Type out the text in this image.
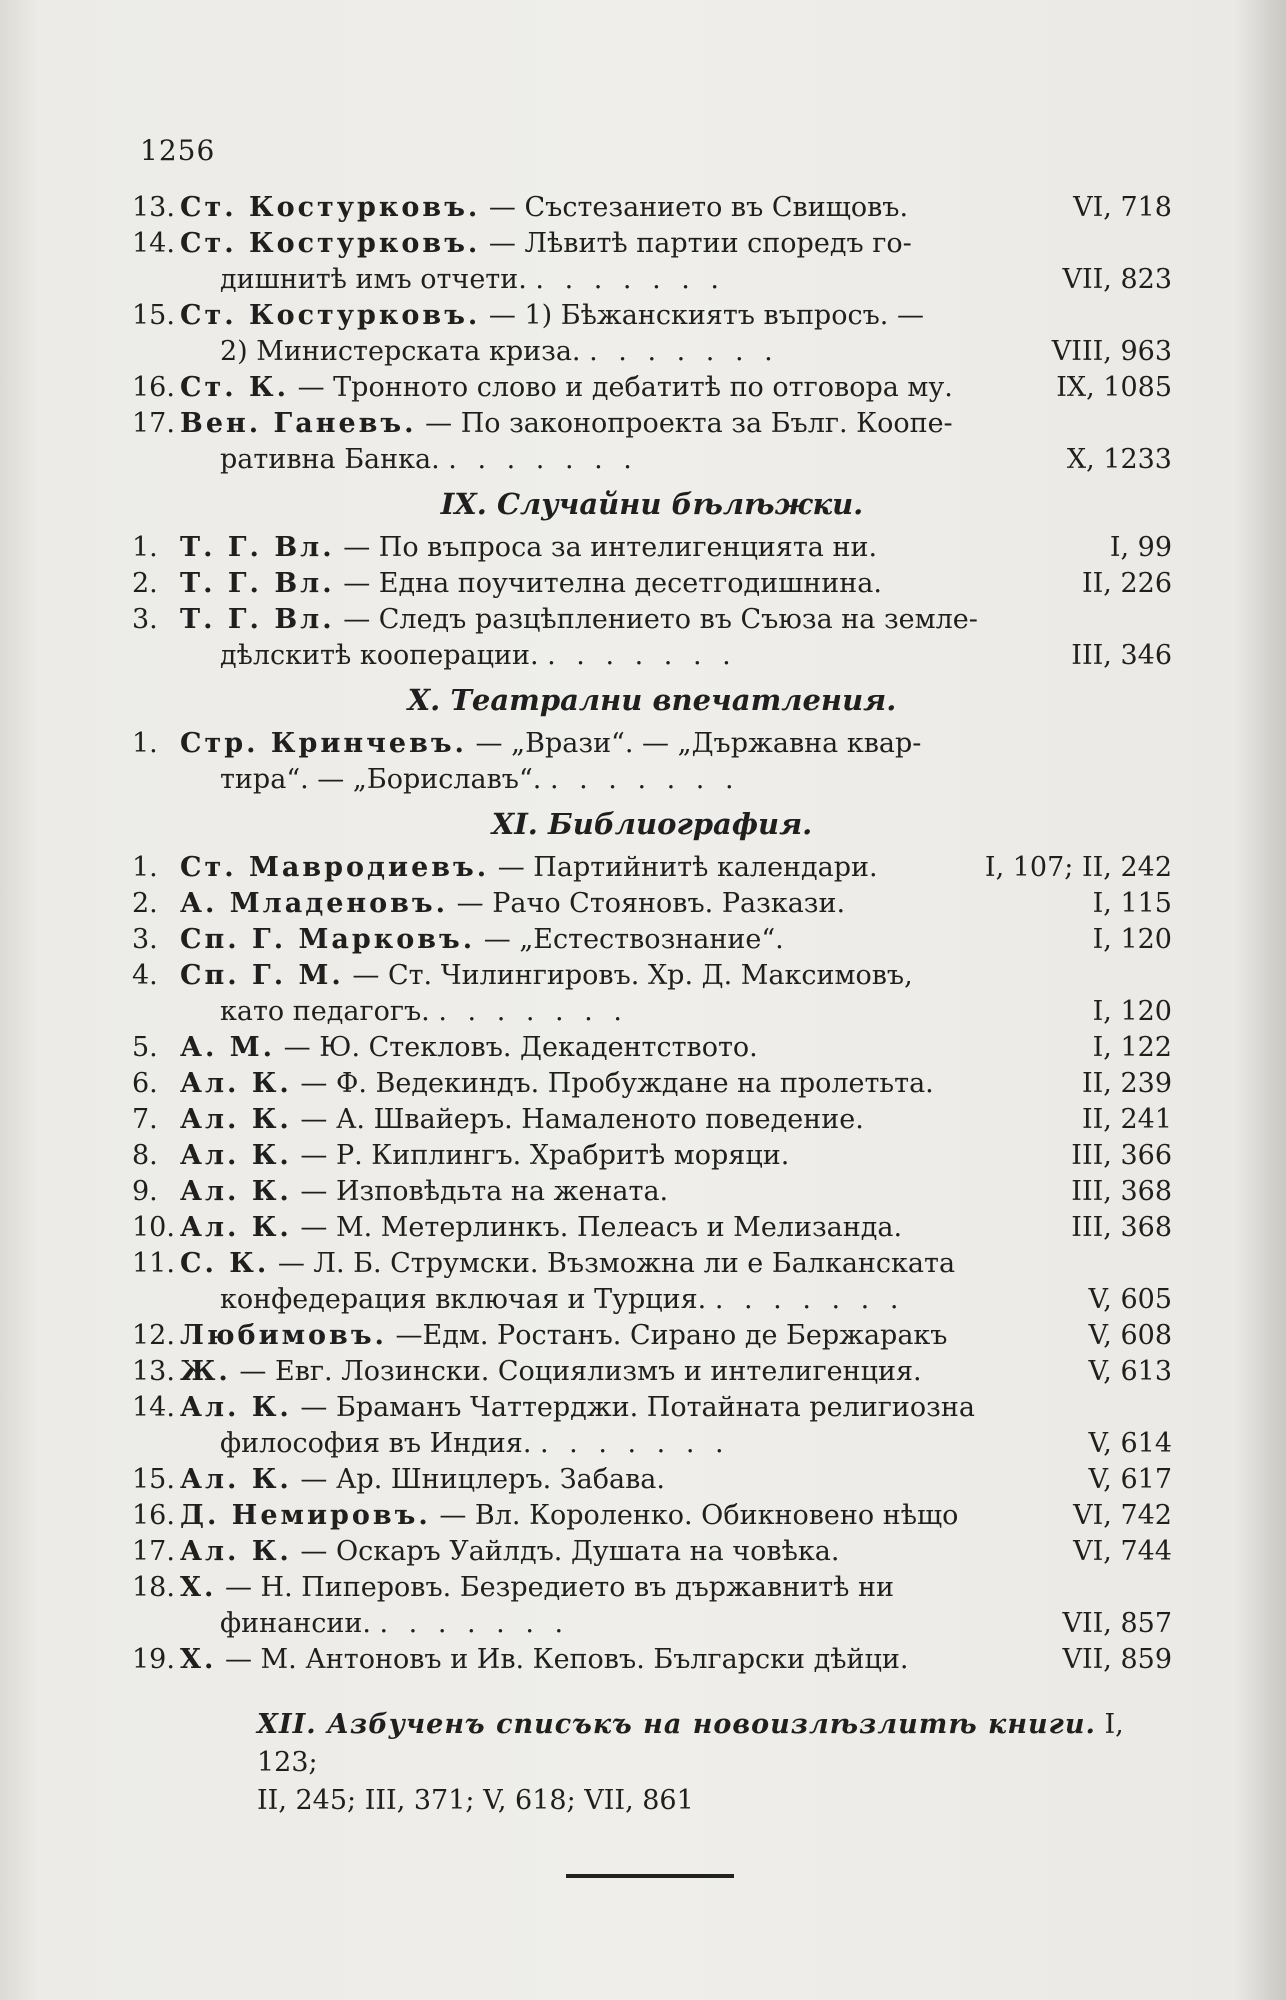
1256
13. Ст. Костурковъ. — Състезанието въ Свищовъ.	VI, 718
14. Ст. Костурковъ. — Лѣвитѣ партии споредъ го-
дишнитѣ имъ отчети. . . . . . . .	VII, 823
15. Ст. Костурковъ. — 1) Бѣжанскиятъ въпросъ. —
2) Министерската криза. . . . . . . .	VIII, 963
16. Ст. К. — Тронното слово и дебатитѣ по отговора му.	IX, 1085
17. Вен. Ганевъ. — По законопроекта за Бълг. Коопе-
ративна Банка. . . . . . . .	X, 1233
IX. Случайни бѣлѣжки.
1. Т. Г. Вл. — По въпроса за интелигенцията ни.	I, 99
2. Т. Г. Вл. — Една поучителна десетгодишнина.	II, 226
3. Т. Г. Вл. — Следъ разцѣплението въ Съюза на земле-
дѣлскитѣ кооперации. . . . . . . .	III, 346
X. Театрални впечатления.
1. Стр. Кринчевъ. — „Врази“. — „Държавна квар-
тира“. — „Бориславъ“. . . . . . . .
XI. Библиография.
1. Ст. Мавродиевъ. — Партийнитѣ календари.	I, 107; II, 242
2. А. Младеновъ. — Рачо Стояновъ. Разкази.	I, 115
3. Сп. Г. Марковъ. — „Естествознание“.	I, 120
4. Сп. Г. М. — Ст. Чилингировъ. Хр. Д. Максимовъ,
като педагогъ. . . . . . . .	I, 120
5. А. М. — Ю. Стекловъ. Декадентството.	I, 122
6. Ал. К. — Ф. Ведекиндъ. Пробуждане на пролетьта.	II, 239
7. Ал. К. — А. Швайеръ. Намаленото поведение.	II, 241
8. Ал. К. — Р. Киплингъ. Храбритѣ моряци.	III, 366
9. Ал. К. — Изповѣдьта на жената.	III, 368
10. Ал. К. — М. Метерлинкъ. Пелеасъ и Мелизанда.	III, 368
11. С. К. — Л. Б. Струмски. Възможна ли е Балканската
конфедерация включая и Турция. . . . . . . .	V, 605
12. Любимовъ. —Едм. Ростанъ. Сирано де Бержаракъ	V, 608
13. Ж. — Евг. Лозински. Социялизмъ и интелигенция.	V, 613
14. Ал. К. — Браманъ Чаттерджи. Потайната религиозна
философия въ Индия. . . . . . . .	V, 614
15. Ал. К. — Ар. Шницлеръ. Забава.	V, 617
16. Д. Немировъ. — Вл. Короленко. Обикновено нѣщо	VI, 742
17. Ал. К. — Оскаръ Уайлдъ. Душата на човѣка.	VI, 744
18. Х. — Н. Пиперовъ. Безредието въ държавнитѣ ни
финансии. . . . . . . .	VII, 857
19. Х. — М. Антоновъ и Ив. Кеповъ. Български дѣйци.	VII, 859
XII. Азбученъ списъкъ на новоизлѣзлитѣ книги. I, 123;
II, 245; III, 371; V, 618; VII, 861
